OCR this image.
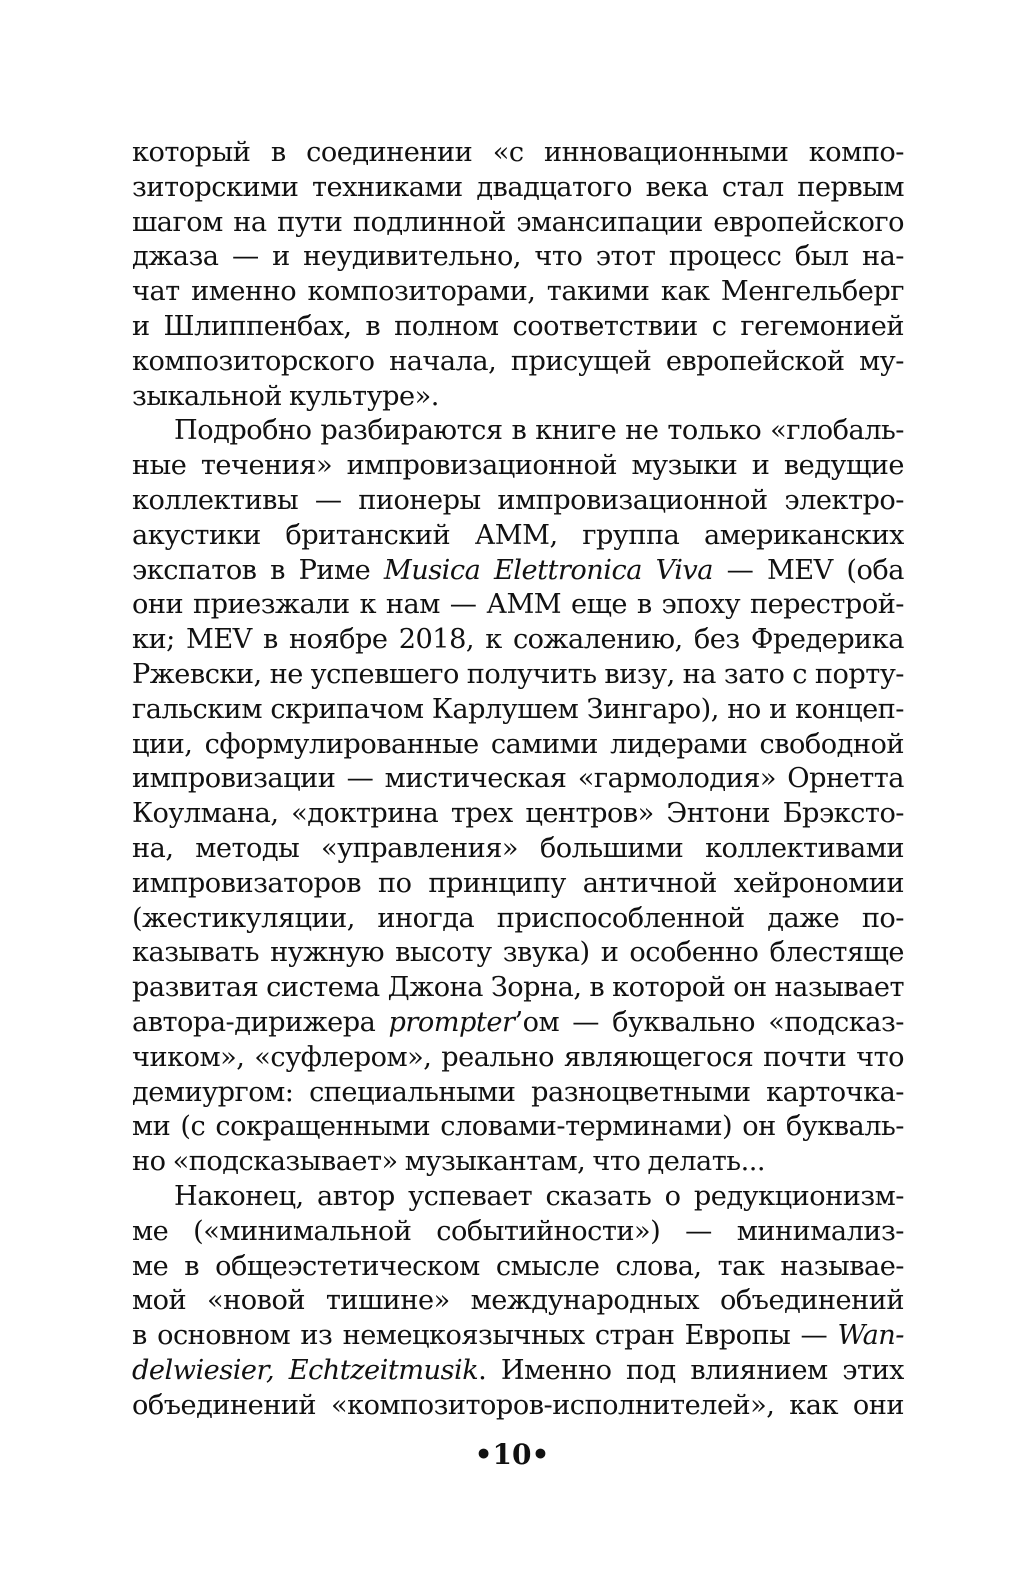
который в соединении «с инновационными компо-
зиторскими техниками двадцатого века стал первым
шагом на пути подлинной эмансипации европейского
джаза — и неудивительно, что этот процесс был на-
чат именно композиторами, такими как Менгельберг
и Шлиппенбах, в полном соответствии с гегемонией
композиторского начала, присущей европейской му-
зыкальной культуре».
Подробно разбираются в книге не только «глобаль-
ные течения» импровизационной музыки и ведущие
коллективы — пионеры импровизационной электро-
акустики британский АММ, группа американских
экспатов в Риме Musica Elettronica Viva — MEV (оба
они приезжали к нам — АММ еще в эпоху перестрой-
ки; MEV в ноябре 2018, к сожалению, без Фредерика
Ржевски, не успевшего получить визу, на зато с порту-
гальским скрипачом Карлушем Зингаро), но и концеп-
ции, сформулированные самими лидерами свободной
импровизации — мистическая «гармолодия» Орнетта
Коулмана, «доктрина трех центров» Энтони Брэксто-
на, методы «управления» большими коллективами
импровизаторов по принципу античной хейрономии
(жестикуляции, иногда приспособленной даже по-
казывать нужную высоту звука) и особенно блестяще
развитая система Джона Зорна, в которой он называет
автора-дирижера prompter’ом — буквально «подсказ-
чиком», «суфлером», реально являющегося почти что
демиургом: специальными разноцветными карточка-
ми (с сокращенными словами-терминами) он букваль-
но «подсказывает» музыкантам, что делать...
Наконец, автор успевает сказать о редукционизм-
ме («минимальной событийности») — минимализ-
ме в общеэстетическом смысле слова, так называе-
мой «новой тишине» международных объединений
в основном из немецкоязычных стран Европы — Wan-
delwiesier, Echtzeitmusik. Именно под влиянием этих
объединений «композиторов-исполнителей», как они
•10•
